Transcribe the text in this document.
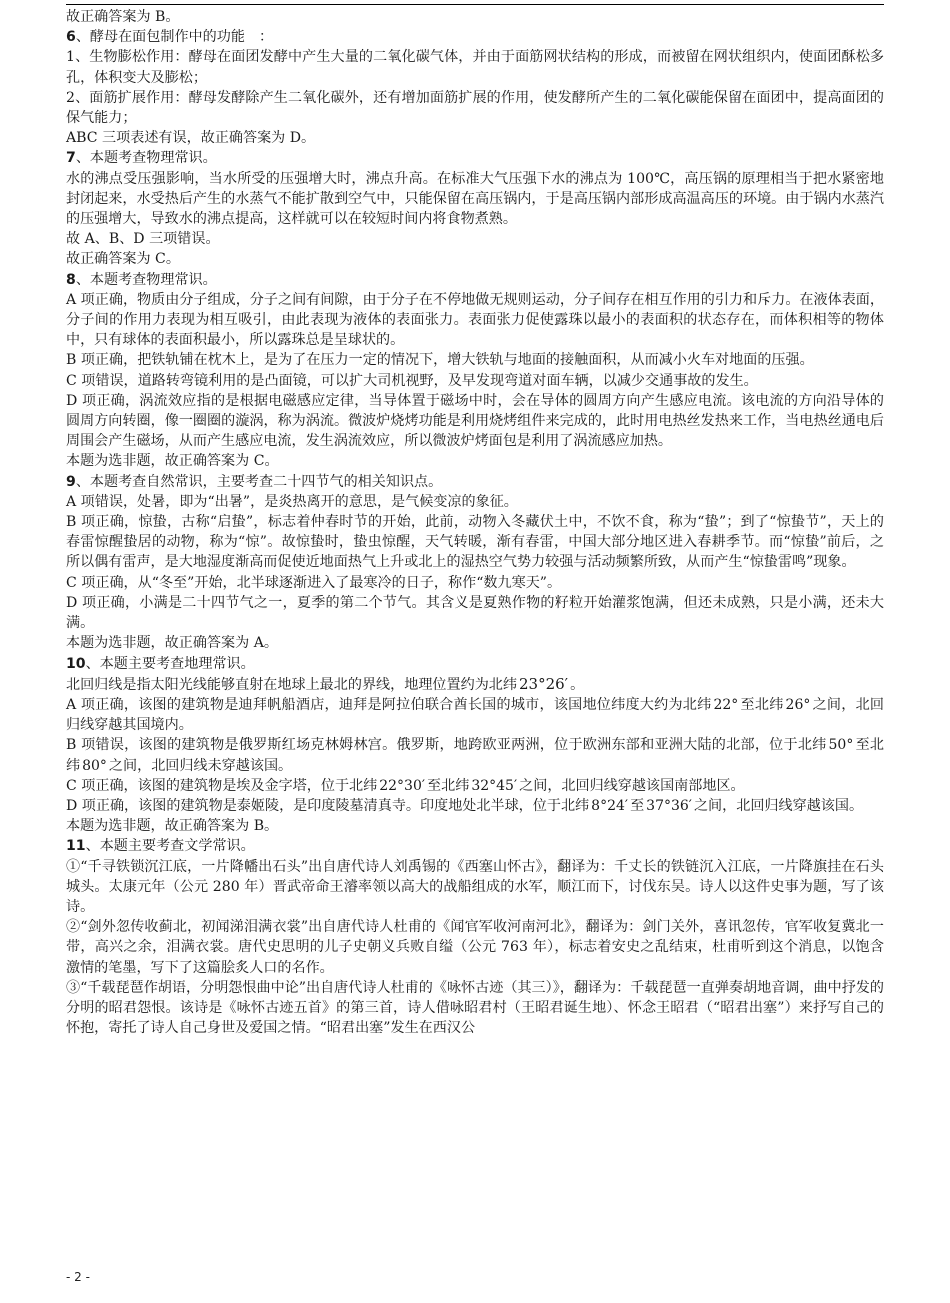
故正确答案为 B。

6、酵母在面包制作中的功能　：

1、生物膨松作用：酵母在面团发酵中产生大量的二氧化碳气体，并由于面筋网状结构的形成，而被留在网状组织内，使面团酥松多孔，体积变大及膨松；

2、面筋扩展作用：酵母发酵除产生二氧化碳外，还有增加面筋扩展的作用，使发酵所产生的二氧化碳能保留在面团中，提高面团的保气能力；

ABC 三项表述有误，故正确答案为 D。

7、本题考查物理常识。

水的沸点受压强影响，当水所受的压强增大时，沸点升高。在标准大气压强下水的沸点为 100℃，高压锅的原理相当于把水紧密地封闭起来，水受热后产生的水蒸气不能扩散到空气中，只能保留在高压锅内，于是高压锅内部形成高温高压的环境。由于锅内水蒸汽的压强增大，导致水的沸点提高，这样就可以在较短时间内将食物煮熟。

故 A、B、D 三项错误。

故正确答案为 C。

8、本题考查物理常识。

A 项正确，物质由分子组成，分子之间有间隙，由于分子在不停地做无规则运动，分子间存在相互作用的引力和斥力。在液体表面，分子间的作用力表现为相互吸引，由此表现为液体的表面张力。表面张力促使露珠以最小的表面积的状态存在，而体积相等的物体中，只有球体的表面积最小，所以露珠总是呈球状的。

B 项正确，把铁轨铺在枕木上，是为了在压力一定的情况下，增大铁轨与地面的接触面积，从而减小火车对地面的压强。

C 项错误，道路转弯镜利用的是凸面镜，可以扩大司机视野，及早发现弯道对面车辆，以减少交通事故的发生。

D 项正确，涡流效应指的是根据电磁感应定律，当导体置于磁场中时，会在导体的圆周方向产生感应电流。该电流的方向沿导体的圆周方向转圈，像一圈圈的漩涡，称为涡流。微波炉烧烤功能是利用烧烤组件来完成的，此时用电热丝发热来工作，当电热丝通电后周围会产生磁场，从而产生感应电流，发生涡流效应，所以微波炉烤面包是利用了涡流感应加热。

本题为选非题，故正确答案为 C。

9、本题考查自然常识，主要考查二十四节气的相关知识点。

A 项错误，处暑，即为“出暑”，是炎热离开的意思，是气候变凉的象征。

B 项正确，惊蛰，古称“启蛰”，标志着仲春时节的开始，此前，动物入冬藏伏土中，不饮不食，称为“蛰”；到了“惊蛰节”，天上的春雷惊醒蛰居的动物，称为“惊”。故惊蛰时，蛰虫惊醒，天气转暖，渐有春雷，中国大部分地区进入春耕季节。而“惊蛰”前后，之所以偶有雷声，是大地湿度渐高而促使近地面热气上升或北上的湿热空气势力较强与活动频繁所致，从而产生“惊蛰雷鸣”现象。

C 项正确，从“冬至”开始，北半球逐渐进入了最寒冷的日子，称作“数九寒天”。

D 项正确，小满是二十四节气之一，夏季的第二个节气。其含义是夏熟作物的籽粒开始灌浆饱满，但还未成熟，只是小满，还未大满。

本题为选非题，故正确答案为 A。

10、本题主要考查地理常识。

北回归线是指太阳光线能够直射在地球上最北的界线，地理位置约为北纬 23°26′ 。

A 项正确，该图的建筑物是迪拜帆船酒店，迪拜是阿拉伯联合酋长国的城市，该国地位纬度大约为北纬 22° 至北纬 26° 之间，北回归线穿越其国境内。

B 项错误，该图的建筑物是俄罗斯红场克林姆林宫。俄罗斯，地跨欧亚两洲，位于欧洲东部和亚洲大陆的北部，位于北纬 50° 至北纬 80° 之间，北回归线未穿越该国。

C 项正确，该图的建筑物是埃及金字塔，位于北纬 22°30′ 至北纬 32°45′ 之间，北回归线穿越该国南部地区。

D 项正确，该图的建筑物是泰姬陵，是印度陵墓清真寺。印度地处北半球，位于北纬 8°24′ 至 37°36′ 之间，北回归线穿越该国。

本题为选非题，故正确答案为 B。

11、本题主要考查文学常识。

①“千寻铁锁沉江底，一片降幡出石头”出自唐代诗人刘禹锡的《西塞山怀古》，翻译为：千丈长的铁链沉入江底，一片降旗挂在石头城头。太康元年（公元 280 年）晋武帝命王濬率领以高大的战船组成的水军，顺江而下，讨伐东吴。诗人以这件史事为题，写了该诗。

②“剑外忽传收蓟北，初闻涕泪满衣裳”出自唐代诗人杜甫的《闻官军收河南河北》，翻译为：剑门关外，喜讯忽传，官军收复冀北一带，高兴之余，泪满衣裳。唐代史思明的儿子史朝义兵败自缢（公元 763 年），标志着安史之乱结束，杜甫听到这个消息，以饱含激情的笔墨，写下了这篇脍炙人口的名作。

③“千载琵琶作胡语，分明怨恨曲中论”出自唐代诗人杜甫的《咏怀古迹（其三）》，翻译为：千载琵琶一直弹奏胡地音调，曲中抒发的分明的昭君怨恨。该诗是《咏怀古迹五首》的第三首，诗人借咏昭君村（王昭君诞生地）、怀念王昭君（“昭君出塞”）来抒写自己的怀抱，寄托了诗人自己身世及爱国之情。“昭君出塞”发生在西汉公

- 2 -
